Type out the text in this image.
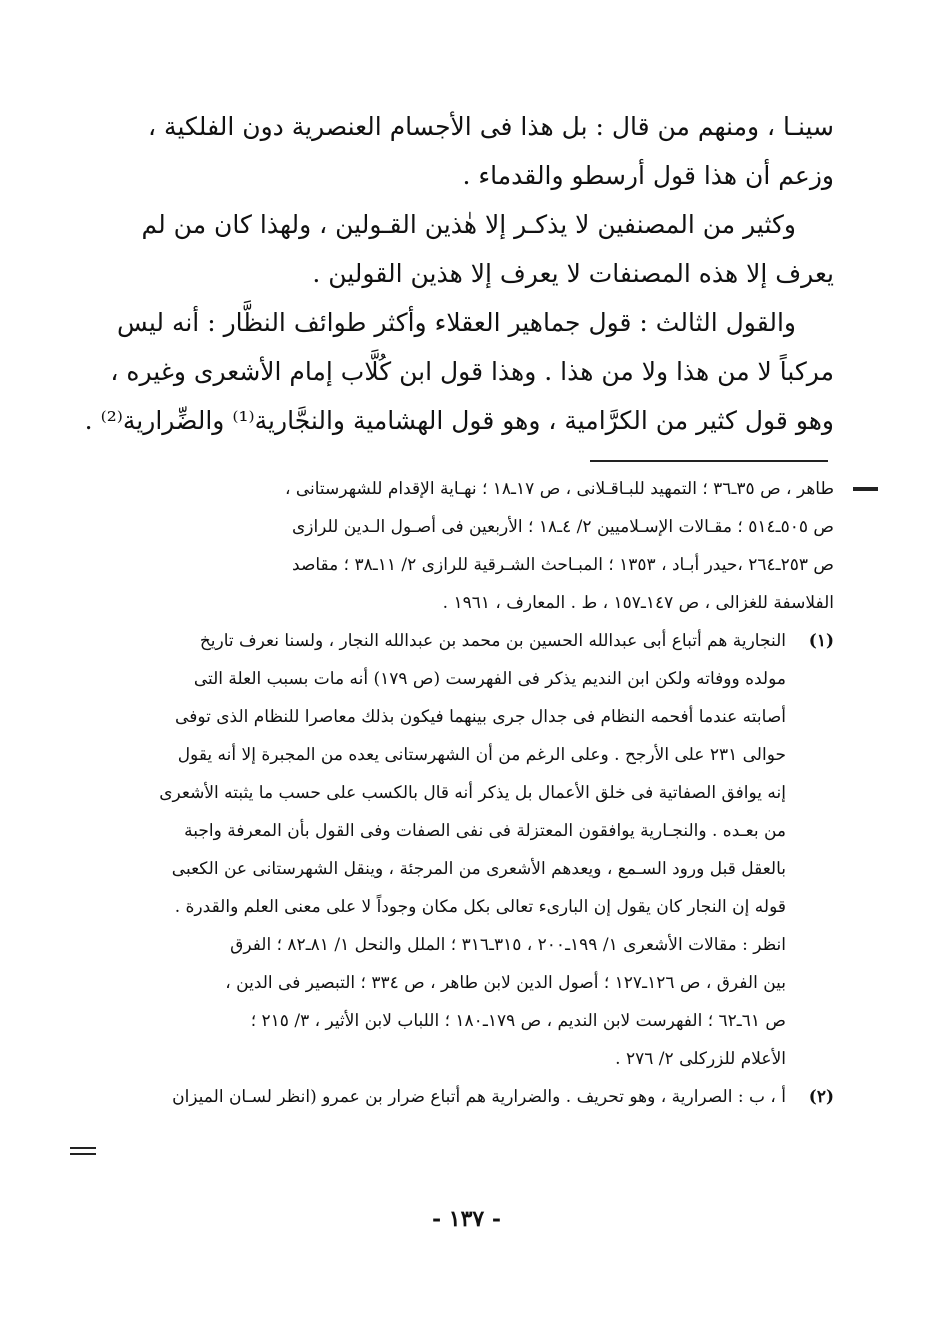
سينـا ، ومنهم من قال : بل هذا فى الأجسام العنصرية دون الفلكية ،
وزعم أن هذا قول أرسطو والقدماء .
وكثير من المصنفين لا يذكـر إلا هٰذين القـولين ، ولهذا كان من لم
يعرف إلا هذه المصنفات لا يعرف إلا هذين القولين .
والقول الثالث : قول جماهير العقلاء وأكثر طوائف النظَّار : أنه ليس
مركباً لا من هذا ولا من هذا . وهذا قول ابن كُلَّاب إمام الأشعرى وغيره ،
وهو قول كثير من الكرَّامية ، وهو قول الهشامية والنجَّارية⁽¹⁾ والضِّرارية⁽²⁾ .
طاهر ، ص ٣٥ـ٣٦ ؛ التمهيد للبـاقـلانى ، ص ١٧ـ١٨ ؛ نهـاية الإقدام للشهرستانى ،
ص ٥٠٥ـ٥١٤ ؛ مقـالات الإسـلاميين ٢/ ٤ـ١٨ ؛ الأربعين فى أصـول الـدين للرازى
ص ٢٥٣ـ٢٦٤ ،حيدر أبـاد ، ١٣٥٣ ؛ المبـاحث الشـرقية للرازى ٢/ ١١ـ٣٨ ؛ مقاصد
الفلاسفة للغزالى ، ص ١٤٧ـ١٥٧ ، ط . المعارف ، ١٩٦١ .
(١)النجارية هم أتباع أبى عبدالله الحسين بن محمد بن عبدالله النجار ، ولسنا نعرف تاريخ
مولده ووفاته ولكن ابن النديم يذكر فى الفهرست (ص ١٧٩) أنه مات بسبب العلة التى
أصابته عندما أفحمه النظام فى جدال جرى بينهما فيكون بذلك معاصرا للنظام الذى توفى
حوالى ٢٣١ على الأرجح . وعلى الرغم من أن الشهرستانى يعده من المجبرة إلا أنه يقول
إنه يوافق الصفاتية فى خلق الأعمال بل يذكر أنه قال بالكسب على حسب ما يثبته الأشعرى
من بعـده . والنجـارية يوافقون المعتزلة فى نفى الصفات وفى القول بأن المعرفة واجبة
بالعقل قبل ورود السـمع ، ويعدهم الأشعرى من المرجئة ، وينقل الشهرستانى عن الكعبى
قوله إن النجار كان يقول إن البارىء تعالى بكل مكان وجوداً لا على معنى العلم والقدرة .
انظر : مقالات الأشعرى ١/ ١٩٩ـ٢٠٠ ، ٣١٥ـ٣١٦ ؛ الملل والنحل ١/ ٨١ـ٨٢ ؛ الفرق
بين الفرق ، ص ١٢٦ـ١٢٧ ؛ أصول الدين لابن طاهر ، ص ٣٣٤ ؛ التبصير فى الدين ،
ص ٦١ـ٦٢ ؛ الفهرست لابن النديم ، ص ١٧٩ـ١٨٠ ؛ اللباب لابن الأثير ، ٣/ ٢١٥ ؛
الأعلام للزركلى ٢/ ٢٧٦ .
(٢)أ ، ب : الصرارية ، وهو تحريف . والضرارية هم أتباع ضرار بن عمرو (انظر لسـان الميزان
- ١٣٧ -
